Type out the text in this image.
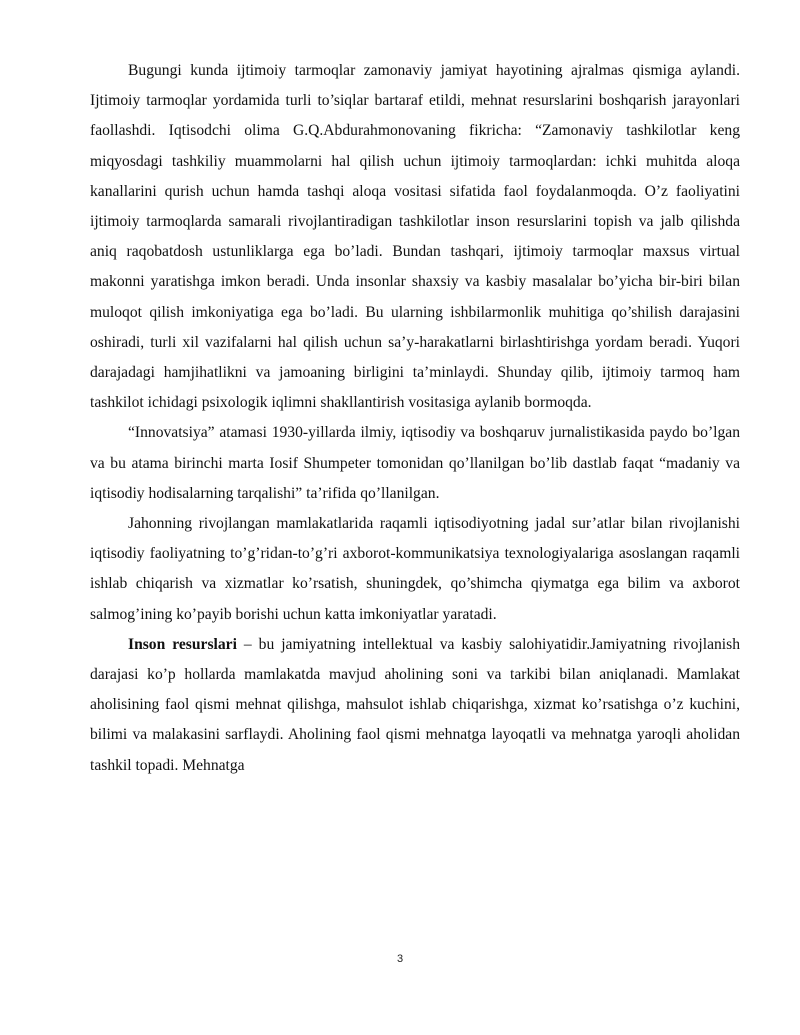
Bugungi kunda ijtimoiy tarmoqlar zamonaviy jamiyat hayotining ajralmas qismiga aylandi. Ijtimoiy tarmoqlar yordamida turli to’siqlar bartaraf etildi, mehnat resurslarini boshqarish jarayonlari faollashdi. Iqtisodchi olima G.Q.Abdurahmonovaning fikricha: “Zamonaviy tashkilotlar keng miqyosdagi tashkiliy muammolarni hal qilish uchun ijtimoiy tarmoqlardan: ichki muhitda aloqa kanallarini qurish uchun hamda tashqi aloqa vositasi sifatida faol foydalanmoqda. O’z faoliyatini ijtimoiy tarmoqlarda samarali rivojlantiradigan tashkilotlar inson resurslarini topish va jalb qilishda aniq raqobatdosh ustunliklarga ega bo’ladi. Bundan tashqari, ijtimoiy tarmoqlar maxsus virtual makonni yaratishga imkon beradi. Unda insonlar shaxsiy va kasbiy masalalar bo’yicha bir-biri bilan muloqot qilish imkoniyatiga ega bo’ladi. Bu ularning ishbilarmonlik muhitiga qo’shilish darajasini oshiradi, turli xil vazifalarni hal qilish uchun sa’y-harakatlarni birlashtirishga yordam beradi. Yuqori darajadagi hamjihatlikni va jamoaning birligini ta’minlaydi. Shunday qilib, ijtimoiy tarmoq ham tashkilot ichidagi psixologik iqlimni shakllantirish vositasiga aylanib bormoqda.

“Innovatsiya” atamasi 1930-yillarda ilmiy, iqtisodiy va boshqaruv jurnalistikasida paydo bo’lgan va bu atama birinchi marta Iosif Shumpeter tomonidan qo’llanilgan bo’lib dastlab faqat “madaniy va iqtisodiy hodisalarning tarqalishi” ta’rifida qo’llanilgan.

Jahonning rivojlangan mamlakatlarida raqamli iqtisodiyotning jadal sur’atlar bilan rivojlanishi iqtisodiy faoliyatning to’g’ridan-to’g’ri axborot-kommunikatsiya texnologiyalariga asoslangan raqamli ishlab chiqarish va xizmatlar ko’rsatish, shuningdek, qo’shimcha qiymatga ega bilim va axborot salmog’ining ko’payib borishi uchun katta imkoniyatlar yaratadi.

Inson resurslari – bu jamiyatning intellektual va kasbiy salohiyatidir.Jamiyatning rivojlanish darajasi ko’p hollarda mamlakatda mavjud aholining soni va tarkibi bilan aniqlanadi. Mamlakat aholisining faol qismi mehnat qilishga, mahsulot ishlab chiqarishga, xizmat ko’rsatishga o’z kuchini, bilimi va malakasini sarflaydi. Aholining faol qismi mehnatga layoqatli va mehnatga yaroqli aholidan tashkil topadi. Mehnatga

3
